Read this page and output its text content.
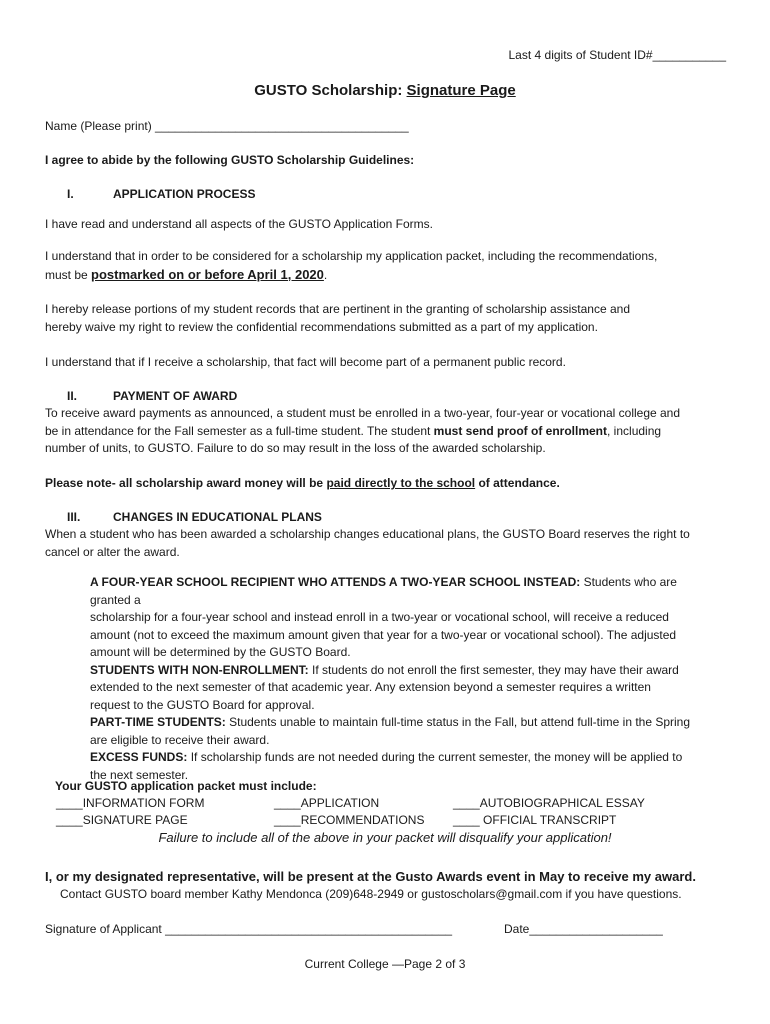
Last 4 digits of Student ID#___________
GUSTO Scholarship: Signature Page
Name (Please print) ______________________________________
I agree to abide by the following GUSTO Scholarship Guidelines:
I.	APPLICATION PROCESS
I have read and understand all aspects of the GUSTO Application Forms.
I understand that in order to be considered for a scholarship my application packet, including the recommendations,
must be postmarked on or before April 1, 2020.
I hereby release portions of my student records that are pertinent in the granting of scholarship assistance and
hereby waive my right to review the confidential recommendations submitted as a part of my application.
I understand that if I receive a scholarship, that fact will become part of a permanent public record.
II.	PAYMENT OF AWARD
To receive award payments as announced, a student must be enrolled in a two-year, four-year or vocational college and
be in attendance for the Fall semester as a full-time student. The student must send proof of enrollment, including
number of units, to GUSTO. Failure to do so may result in the loss of the awarded scholarship.
Please note- all scholarship award money will be paid directly to the school of attendance.
III.	CHANGES IN EDUCATIONAL PLANS
When a student who has been awarded a scholarship changes educational plans, the GUSTO Board reserves the right to
cancel or alter the award.
A FOUR-YEAR SCHOOL RECIPIENT WHO ATTENDS A TWO-YEAR SCHOOL INSTEAD: Students who are granted a
scholarship for a four-year school and instead enroll in a two-year or vocational school, will receive a reduced
amount (not to exceed the maximum amount given that year for a two-year or vocational school). The adjusted
amount will be determined by the GUSTO Board.
STUDENTS WITH NON-ENROLLMENT: If students do not enroll the first semester, they may have their award
extended to the next semester of that academic year. Any extension beyond a semester requires a written
request to the GUSTO Board for approval.
PART-TIME STUDENTS: Students unable to maintain full-time status in the Fall, but attend full-time in the Spring
are eligible to receive their award.
EXCESS FUNDS: If scholarship funds are not needed during the current semester, the money will be applied to
the next semester.
Your GUSTO application packet must include:
____INFORMATION FORM	____APPLICATION	____AUTOBIOGRAPHICAL ESSAY
____SIGNATURE PAGE	____RECOMMENDATIONS ____ OFFICIAL TRANSCRIPT
Failure to include all of the above in your packet will disqualify your application!
I, or my designated representative, will be present at the Gusto Awards event in May to receive my award.
Contact GUSTO board member Kathy Mendonca (209)648-2949 or gustoscholars@gmail.com if you have questions.
Signature of Applicant ___________________________________________	Date____________________
Current College —Page 2 of 3
